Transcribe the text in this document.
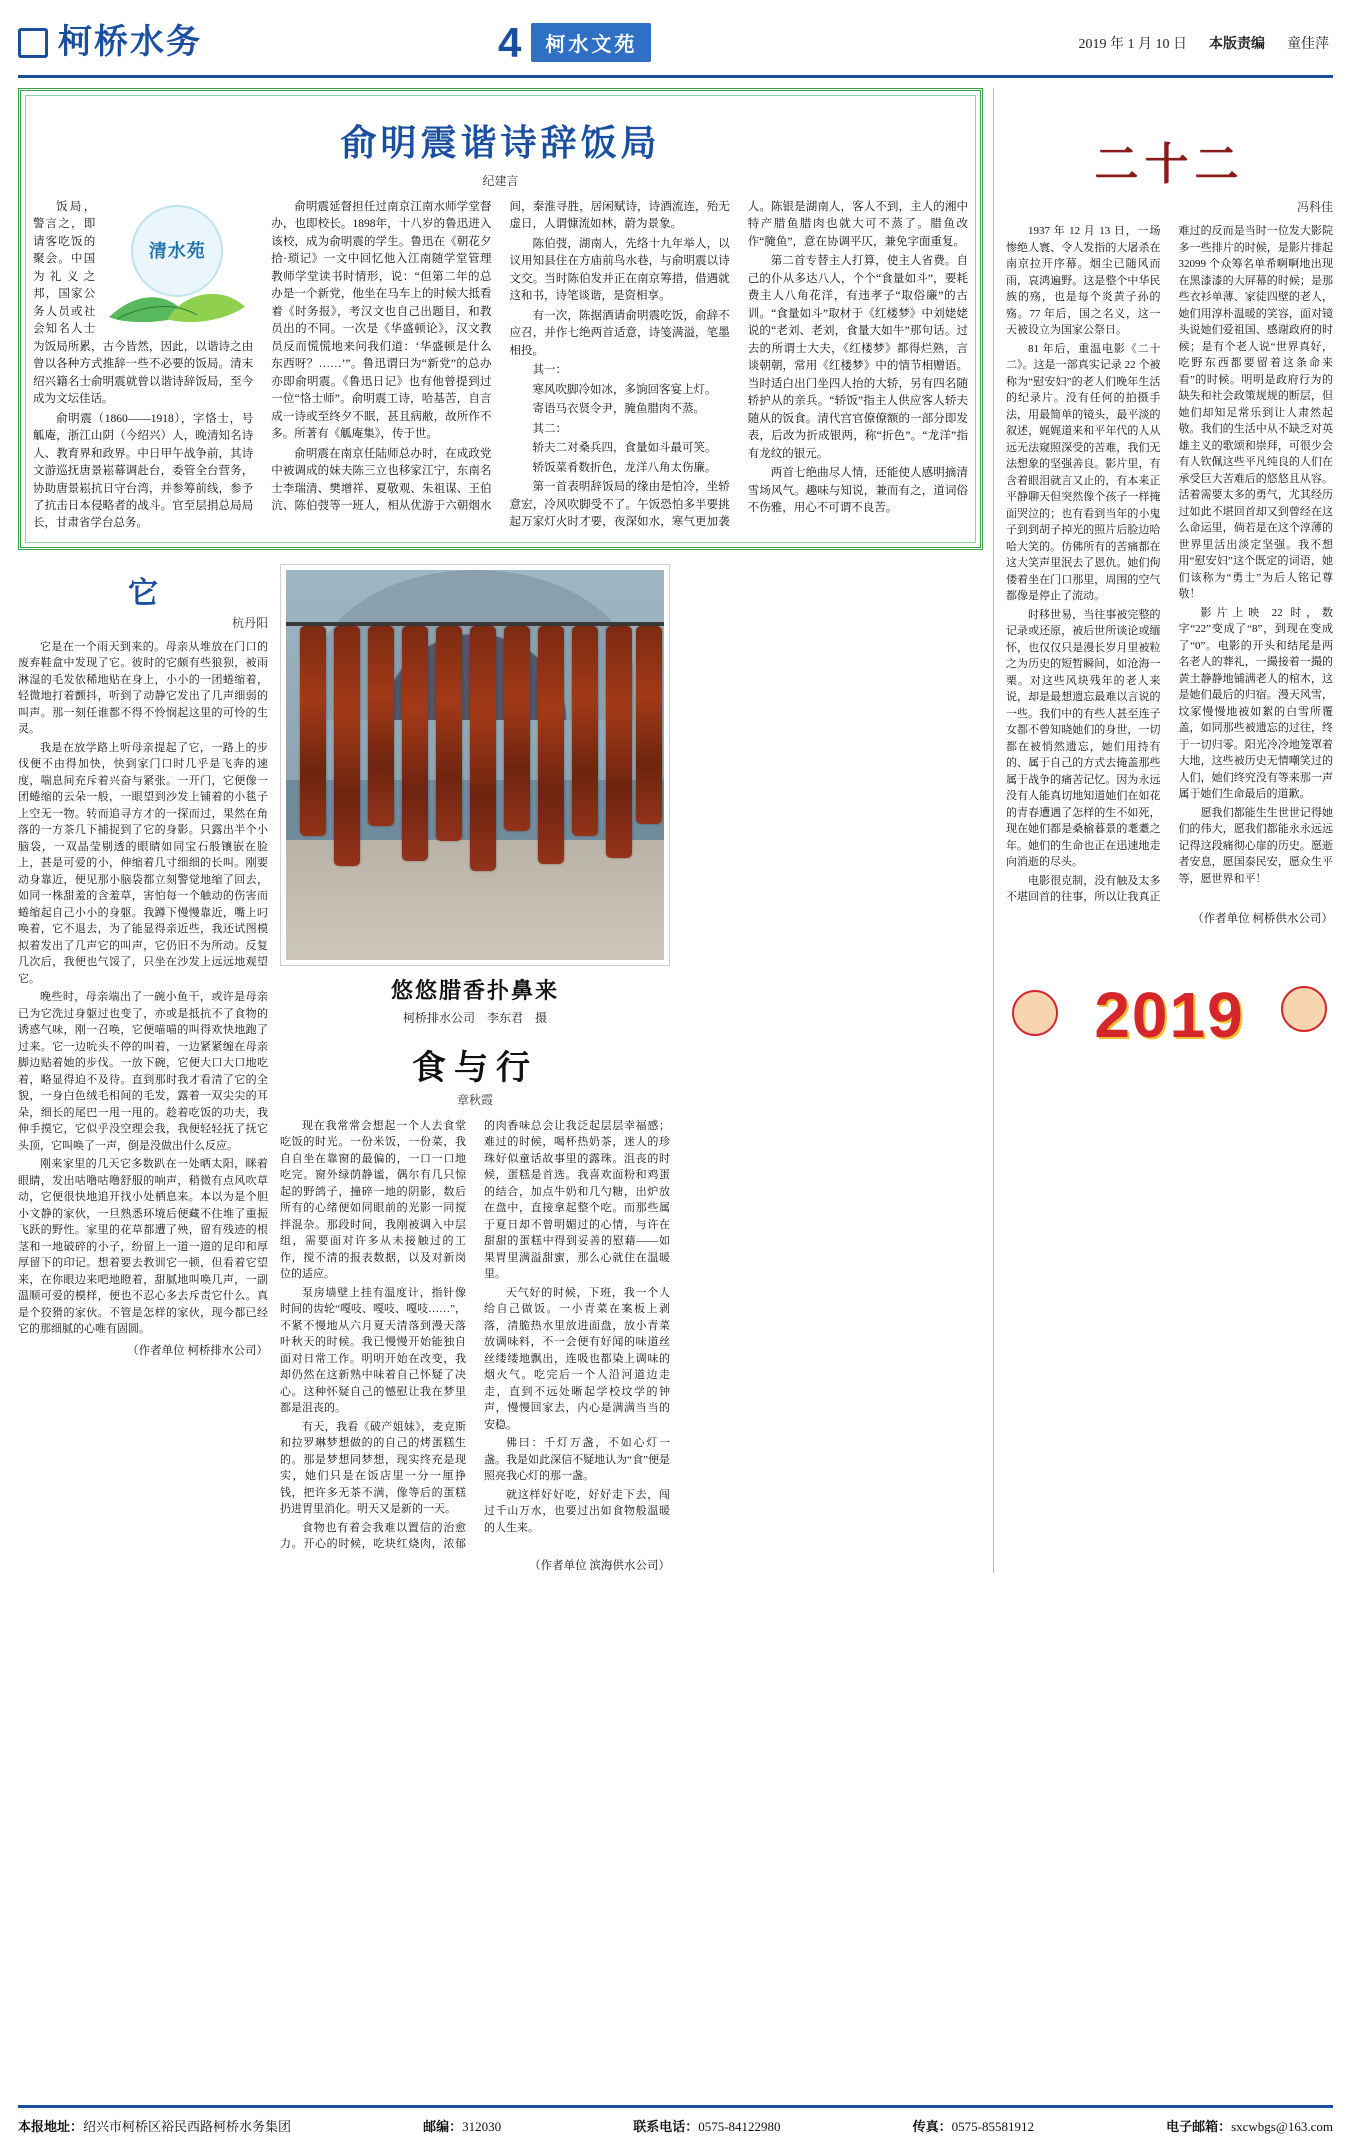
柯桥水务	4	柯水文苑	2019 年 1 月 10 日 本版责编 童佳萍
俞明震谐诗辞饭局
纪建言
清水苑

饭局，警言之，即请客吃饭的聚会。中国为礼义之邦，国家公务人员或社会知名人士为饭局所累，古今皆然，因此，以谐诗之由曾以各种方式推辞一些不必要的饭局。清末绍兴籍名士俞明震就曾以谐诗辞饭局，至今成为文坛佳话。

俞明震（1860——1918），字恪士，号觚庵，浙江山阴（今绍兴）人，晚清知名诗人、教育界和政界。中日甲午战争前，其诗文游巡抚唐景崧幕调赴台，委管全台营务，协助唐景崧抗日守台湾，并参筹前线，参予了抗击日本侵略者的战斗。官至层捐总局局长，甘肃省学台总务。

俞明震延督担任过南京江南水师学堂督办，也即校长。1898年，十八岁的鲁迅进入该校，成为俞明震的学生。鲁迅在《朝花夕拾·琐记》一文中回忆他入江南随学堂管理教师学堂读书时情形，说：“但第二年的总办是一个新党，他坐在马车上的时候大抵看着《时务报》，考汉文也自己出题目，和教员出的不同。一次是《华盛顿论》，汉文教员反而慌慌地来问我们道：‘华盛顿是什么东西呀？……’”。鲁迅谓曰为“新党”的总办亦即俞明震。《鲁迅日记》也有他曾提到过一位“恪士师”。俞明震工诗，哈基苦，自言成一诗或至终夕不眠，甚且病敝，故所作不多。所著有《觚庵集》，传于世。

俞明震在南京任陆师总办时，在成政党中被调成的妹夫陈三立也移家江宁，东南名士李瑞清、樊增祥、夏敬观、朱祖谋、王伯沆、陈伯弢等一班人，相从优游于六朝烟水间，秦淮寻胜，居闲赋诗，诗酒流连，殆无虚日，人谓慷流如林，蔚为景象。

陈伯弢，湖南人，先络十九年举人，以议用知县住在方庙前鸟水巷，与俞明震以诗文交。当时陈伯发并正在南京筹措，借遇就这和书，诗笔谈谐，是资相享。

有一次，陈据酒请俞明震吃饭，俞辞不应召，并作七绝两首适意，诗笺满溢，笔墨相投。

其一：

寒风吹脚冷如冰，多饷回客宴上灯。

寄语马衣贤令尹，腌鱼腊肉不蒸。

其二：

轿夫二对桑兵四，食量如斗最可笑。

轿饭菜肴数折色，龙洋八角太伤廉。

第一首表明辞饭局的缘由是怕冷，坐轿意宏，冷风吹脚受不了。午饭恐怕多半要挑起万家灯火时才要，夜深如水，寒气更加袭人。陈银是湖南人，客人不到，主人的湘中特产腊鱼腊肉也就大可不蒸了。腊鱼改作“腌鱼”，意在协调平仄，兼免字面重复。

第二首专替主人打算，使主人省费。自己的仆从多达八人，个个“食量如斗”，要耗费主人八角花洋，有违孝子“取俗廉”的古训。“食量如斗”取材于《红楼梦》中刘姥姥说的“老刘、老刘，食量大如牛”那句话。过去的所谓士大夫，《红楼梦》都得烂熟，言谈朝朝，常用《红楼梦》中的情节相赠语。当时适白出门坐四人抬的大轿，另有四名随轿护从的亲兵。“轿饭”指主人供应客人轿夫随从的饭食。清代宫官僚僚额的一部分即发表，后改为折成银两，称“折色”。“龙洋”指有龙纹的银元。

两首七绝曲尽人情，还能使人感明摘清雪场风气。趣味与知说，兼而有之，道词俗不伤雅，用心不可谓不良苦。

它
杭丹阳

它是在一个雨天到来的。母亲从堆放在门口的废弃鞋盒中发现了它。彼时的它颇有些狼狈，被雨淋湿的毛发依稀地贴在身上，小小的一团蜷缩着，轻微地打着颤抖，听到了动静它发出了几声细弱的叫声。那一刻任谁都不得不怜悯起这里的可怜的生灵。

我是在放学路上听母亲提起了它，一路上的步伐便不由得加快，快到家门口时几乎是飞奔的速度，喘息间充斥着兴奋与紧张。一开门，它便像一团蜷缩的云朵一般，一眼望到沙发上铺着的小毯子上空无一物。转而追寻方才的一探而过，果然在角落的一方茶几下捕捉到了它的身影。只露出半个小脑袋，一双晶莹剔透的眼睛如同宝石般镶嵌在脸上，甚是可爱的小，伸缩着几寸细细的长叫。刚要动身靠近，便见那小脑袋都立刻警觉地缩了回去，如同一株甜羞的含羞草，害怕每一个触动的伤害而蜷缩起自己小小的身躯。我蹲下慢慢靠近，嘴上叼唤着，它不退去，为了能显得亲近些，我还试图模拟着发出了几声它的叫声，它仍旧不为所动。反复几次后，我便也气馁了，只坐在沙发上远远地观望它。

晚些时，母亲端出了一碗小鱼干，或许是母亲已为它洗过身躯过也变了，亦或是抵抗不了食物的诱惑气味，刚一召唤，它便喵喵的叫得欢快地跑了过来。它一边吮头不停的叫着，一边紧紧缠在母亲脚边贴着她的步伐。一放下碗，它便大口大口地吃着，略显得迫不及待。直到那时我才看清了它的全貌，一身白色绒毛相间的毛发，露着一双尖尖的耳朵，细长的尾巴一甩一甩的。趁着吃饭的功夫，我伸手摸它，它似乎没空理会我，我便轻轻抚了抚它头顶，它叫唤了一声，倒是没做出什么反应。

刚来家里的几天它多数趴在一处晒太阳，眯着眼睛，发出咕噜咕噜舒服的响声，稍微有点风吹草动，它便很快地追开找小处栖息来。本以为是个胆小文静的家伙，一旦熟悉环境后便藏不住堆了重振飞跃的野性。家里的花草都遭了殃，留有残迹的根茎和一地破碎的小子，纷留上一道一道的足印和厚厚留下的印记。想着要去教训它一顿，但看着它望来，在你眼边来吧地瞪着，甜腻地叫唤几声，一副温顺可爱的模样，便也不忍心多去斥责它什么。真是个狡猾的家伙。不管是怎样的家伙，现今都已经它的那细腻的心唯有固圆。

（作者单位 柯桥排水公司）
悠悠腊香扑鼻来
柯桥排水公司 李东君 摄
食与行
章秋霞

现在我常常会想起一个人去食堂吃饭的时光。一份米饭，一份菜，我自自坐在靠窗的最偏的，一口一口地吃完。窗外绿荫静谧，偶尔有几只惊起的野鸽子，撞碎一地的阴影，数后所有的心绪便如同眼前的光影一同搅拌混杂。那段时间，我刚被调入中层组，需要面对许多从未接触过的工作，搅不清的报表数据，以及对新岗位的适应。

泵房墙壁上挂有温度计，指针像时间的齿轮“嘎吱、嘎吱、嘎吱……”，不紧不慢地从六月夏天清落到漫天落叶秋天的时候。我已慢慢开始能独自面对日常工作。明明开始在改变，我却仍然在这新熟中味着自己怀疑了决心。这种怀疑自己的憾慰让我在梦里都是沮丧的。

有天，我看《破产姐妹》，麦克斯和拉罗琳梦想做的的自己的烤蛋糕生的。那是梦想同梦想，现实终充是现实，她们只是在饭店里一分一厘挣钱，把许多无茶不满，像等后的蛋糕扔进胃里消化。明天又是新的一天。

食物也有着会我难以置信的治愈力。开心的时候，吃块红烧肉，浓郁的肉香味总会让我泛起层层幸福感；难过的时候，喝杯热奶茶，迷人的珍珠好似童话故事里的露珠。沮丧的时候，蛋糕是首选。我喜欢面粉和鸡蛋的结合，加点牛奶和几勺糖，出炉放在盘中，直接拿起整个吃。而那些属于夏日却不曾明媚过的心情，与许在甜甜的蛋糕中得到妥善的慰藉——如果胃里满溢甜蜜，那么心就住在温暖里。

天气好的时候，下班，我一个人给自己做饭。一小青菜在案板上剥落，清脆热水里放进面盘，放小青菜放调味料，不一会便有好闻的味道丝丝缕缕地飘出，连吸也都染上调味的烟火气。吃完后一个人沿河道边走走，直到不远处晰起学校坟学的钟声，慢慢回家去，内心是满满当当的安稳。

佛曰：千灯万盏，不如心灯一盏。我是如此深信不疑地认为“食”便是照亮我心灯的那一盏。

就这样好好吃，好好走下去，闯过千山万水，也要过出如食物般温暖的人生来。

（作者单位 滨海供水公司）
二十二
冯科佳

1937 年 12 月 13 日，一场惨绝人寰、令人发指的大屠杀在南京拉开序幕。烟尘已随风而雨，哀鸿遍野。这是整个中华民族的殇，也是每个炎黄子孙的殇。77 年后，国之名义，这一天被设立为国家公祭日。

81 年后，重温电影《二十二》。这是一部真实记录 22 个被称为“慰安妇”的老人们晚年生活的纪录片。没有任何的拍摄手法，用最简单的镜头，最平淡的叙述，娓娓道来和平年代的人从远无法窥照深受的苦难，我们无法想象的坚强善良。影片里，有含着眼泪就言又止的，有本来正平静聊天但突然像个孩子一样掩面哭泣的；也有看到当年的小鬼子到到胡子掉光的照片后脸边哈哈大笑的。仿佛所有的苦痛都在这大笑声里泯去了恩仇。她们佝偻着坐在门口那里，周围的空气都像是停止了流动。

时移世易，当往事被完整的记录或还原，被后世所谈论或缅怀，也仅仅只是漫长岁月里被粒之为历史的短暂瞬间，如沧海一栗。对这些风块残年的老人来说，却是最想遗忘最难以言说的一些。我们中的有些人甚至连子女都不曾知晓她们的身世，一切都在被悄然遗忘，她们用持有的、属于自己的方式去掩盖那些属于战争的痛苦记忆。因为永远没有人能真切地知道她们在如花的青春遭遇了怎样的生不如死，现在她们都是桑榆暮景的耄耋之年。她们的生命也正在迅速地走向消逝的尽头。

电影很克制，没有触及太多不堪回首的往事，所以让我真正难过的反而是当时一位发大影院多一些排片的时候，是影片排起 32099 个众筹名单希啊啊地出现在黑漆漆的大屏幕的时候；是那些衣衫单薄、家徒四壁的老人，她们用淳朴温暖的笑容，面对镜头说她们爱祖国、感谢政府的时候；是有个老人说“世界真好，吃野东西都要留着这条命来看”的时候。明明是政府行为的缺失和社会政策规规的断层，但她们却知足常乐到让人肃然起敬。我们的生活中从不缺乏对英雄主义的歌颂和崇拜，可很少会有人钦佩这些平凡纯良的人们在承受巨大苦难后的悠悠且从容。活着需要太多的勇气，尤其经历过如此不堪回首却又到曾经在这么命运里，倘若是在这个淳薄的世界里活出淡定坚强。我不想用“慰安妇”这个既定的词语，她们该称为“勇士”为后人铭记尊敬！

影片上映 22 时，数字“22”变成了“8”，到现在变成了“0”。电影的开头和结尾是两名老人的葬礼，一撮接着一撮的黄土静静地铺满老人的棺木，这是她们最后的归宿。漫天风雪，坟冢慢慢地被如絮的白雪所覆盖，如同那些被遗忘的过往，终于一切归零。阳光冷冷地笼罩着大地，这些被历史无情嘲笑过的人们，她们终究没有等来那一声属于她们生命最后的道歉。

愿我们都能生生世世记得她们的伟大，愿我们都能永永远远记得这段痛彻心扉的历史。愿逝者安息，愿国泰民安，愿众生平等，愿世界和平！

（作者单位 柯桥供水公司）
2019
本报地址：绍兴市柯桥区裕民西路柯桥水务集团	邮编：312030	联系电话：0575-84122980	传真：0575-85581912	电子邮箱：sxcwbgs@163.com
